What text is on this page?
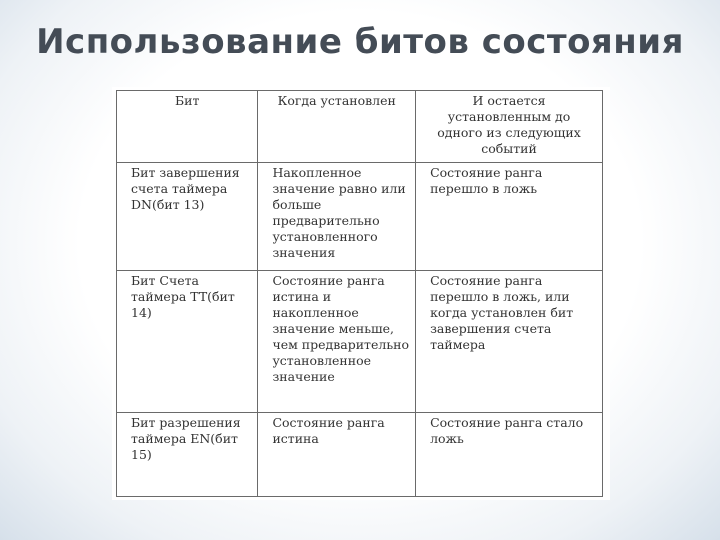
Использование битов состояния
Бит	Когда установлен	И остается установленным до одного из следующих событий
Бит завершения счета таймера DN(бит 13)	Накопленное значение равно или больше предварительно установленного значения	Состояние ранга перешло в ложь
Бит Счета таймера TT(бит 14)	Состояние ранга истина и накопленное значение меньше, чем предварительно установленное значение	Состояние ранга перешло в ложь, или когда установлен бит завершения счета таймера
Бит разрешения таймера EN(бит 15)	Состояние ранга истина	Состояние ранга стало ложь
